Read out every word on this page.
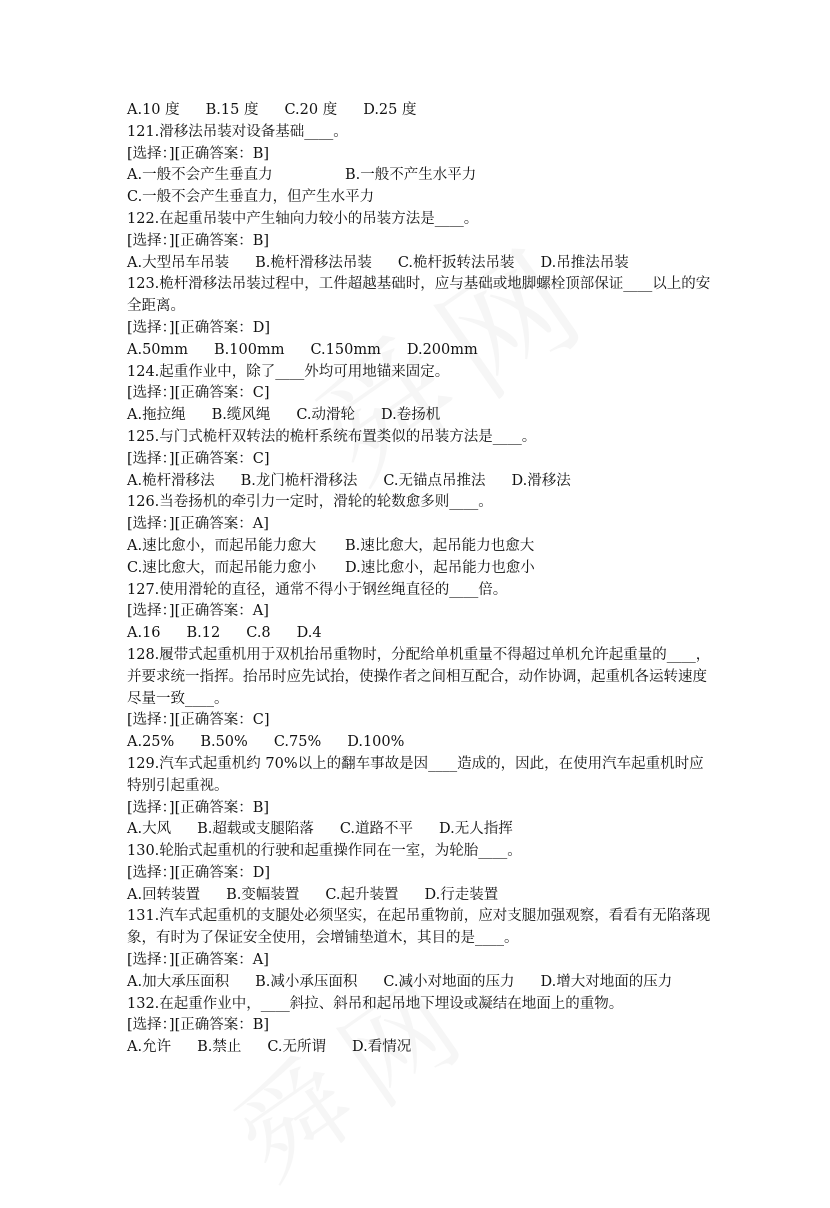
A.10 度 B.15 度 C.20 度 D.25 度
121.滑移法吊装对设备基础____。
[选择：][正确答案：B]
A.一般不会产生垂直力	B.一般不产生水平力
C.一般不会产生垂直力，但产生水平力
122.在起重吊装中产生轴向力较小的吊装方法是____。
[选择：][正确答案：B]
A.大型吊车吊装 B.桅杆滑移法吊装 C.桅杆扳转法吊装 D.吊推法吊装
123.桅杆滑移法吊装过程中，工件超越基础时，应与基础或地脚螺栓顶部保证____以上的安全距离。
[选择：][正确答案：D]
A.50mm B.100mm C.150mm D.200mm
124.起重作业中，除了____外均可用地锚来固定。
[选择：][正确答案：C]
A.拖拉绳 B.缆风绳 C.动滑轮 D.卷扬机
125.与门式桅杆双转法的桅杆系统布置类似的吊装方法是____。
[选择：][正确答案：C]
A.桅杆滑移法 B.龙门桅杆滑移法 C.无锚点吊推法 D.滑移法
126.当卷扬机的牵引力一定时，滑轮的轮数愈多则____。
[选择：][正确答案：A]
A.速比愈小，而起吊能力愈大 B.速比愈大，起吊能力也愈大
C.速比愈大，而起吊能力愈小 D.速比愈小，起吊能力也愈小
127.使用滑轮的直径，通常不得小于钢丝绳直径的____倍。
[选择：][正确答案：A]
A.16 B.12 C.8 D.4
128.履带式起重机用于双机抬吊重物时，分配给单机重量不得超过单机允许起重量的____，并要求统一指挥。抬吊时应先试抬，使操作者之间相互配合，动作协调，起重机各运转速度尽量一致____。
[选择：][正确答案：C]
A.25% B.50% C.75% D.100%
129.汽车式起重机约 70%以上的翻车事故是因____造成的，因此，在使用汽车起重机时应特别引起重视。
[选择：][正确答案：B]
A.大风 B.超载或支腿陷落 C.道路不平 D.无人指挥
130.轮胎式起重机的行驶和起重操作同在一室，为轮胎____。
[选择：][正确答案：D]
A.回转装置 B.变幅装置 C.起升装置 D.行走装置
131.汽车式起重机的支腿处必须坚实，在起吊重物前，应对支腿加强观察，看看有无陷落现象，有时为了保证安全使用，会增铺垫道木，其目的是____。
[选择：][正确答案：A]
A.加大承压面积 B.减小承压面积 C.减小对地面的压力 D.增大对地面的压力
132.在起重作业中，____斜拉、斜吊和起吊地下埋设或凝结在地面上的重物。
[选择：][正确答案：B]
A.允许 B.禁止 C.无所谓 D.看情况
